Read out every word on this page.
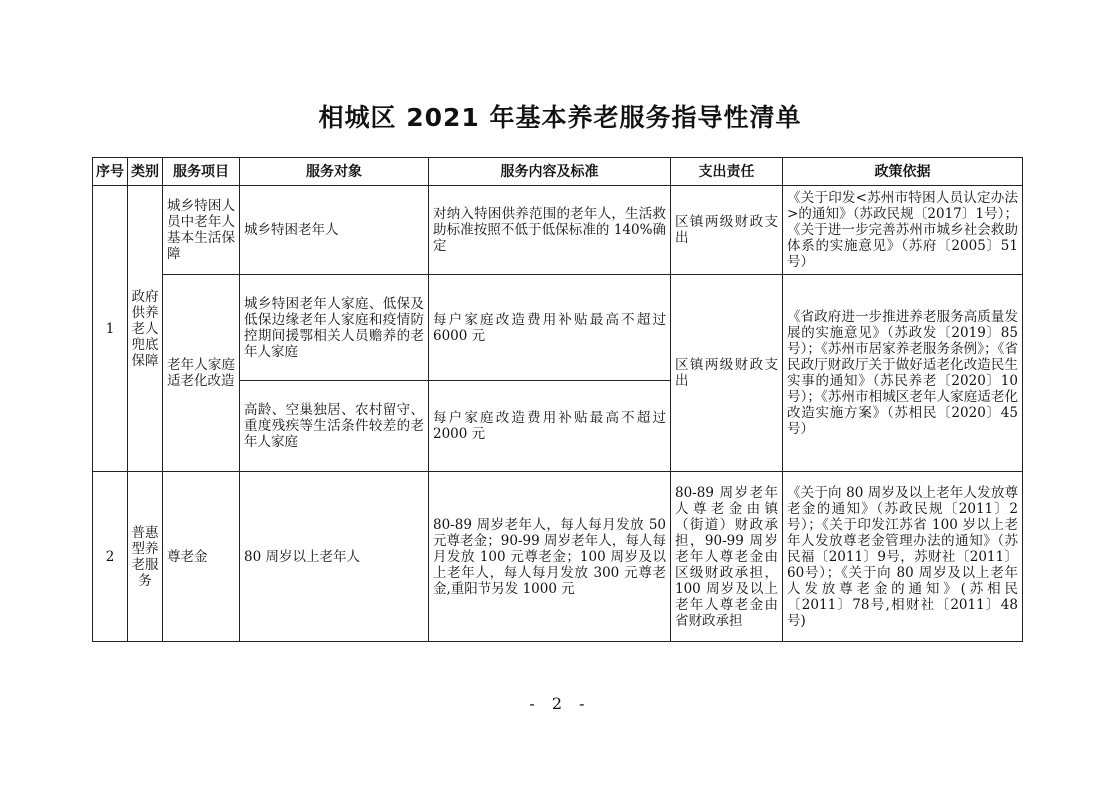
相城区 2021 年基本养老服务指导性清单
序号	类别	服务项目	服务对象	服务内容及标准	支出责任	政策依据
1	政府供养老人兜底保障	城乡特困人员中老年人基本生活保障	城乡特困老年人	对纳入特困供养范围的老年人，生活救助标准按照不低于低保标准的 140%确定	区镇两级财政支出	《关于印发<苏州市特困人员认定办法>的通知》（苏政民规〔2017〕1号）；《关于进一步完善苏州市城乡社会救助体系的实施意见》（苏府〔2005〕51号）
		老年人家庭适老化改造	城乡特困老年人家庭、低保及低保边缘老年人家庭和疫情防控期间援鄂相关人员赡养的老年人家庭	每户家庭改造费用补贴最高不超过 6000 元	区镇两级财政支出	《省政府进一步推进养老服务高质量发展的实施意见》（苏政发〔2019〕85号）；《苏州市居家养老服务条例》；《省民政厅财政厅关于做好适老化改造民生实事的通知》（苏民养老〔2020〕10号）；《苏州市相城区老年人家庭适老化改造实施方案》（苏相民〔2020〕45号）
			高龄、空巢独居、农村留守、重度残疾等生活条件较差的老年人家庭	每户家庭改造费用补贴最高不超过 2000 元		
2	普惠型养老服务	尊老金	80 周岁以上老年人	80-89 周岁老年人，每人每月发放 50 元尊老金；90-99 周岁老年人，每人每月发放 100 元尊老金；100 周岁及以上老年人，每人每月发放 300 元尊老金,重阳节另发 1000 元	80-89 周岁老年人尊老金由镇（街道）财政承担，90-99 周岁老年人尊老金由区级财政承担，100 周岁及以上老年人尊老金由省财政承担	《关于向 80 周岁及以上老年人发放尊老金的通知》（苏政民规〔2011〕2号）；《关于印发江苏省 100 岁以上老年人发放尊老金管理办法的通知》（苏民福〔2011〕9号，苏财社〔2011〕60号）；《关于向 80 周岁及以上老年人发放尊老金的通知》(苏相民〔2011〕78号,相财社〔2011〕48号)
- 2 -
